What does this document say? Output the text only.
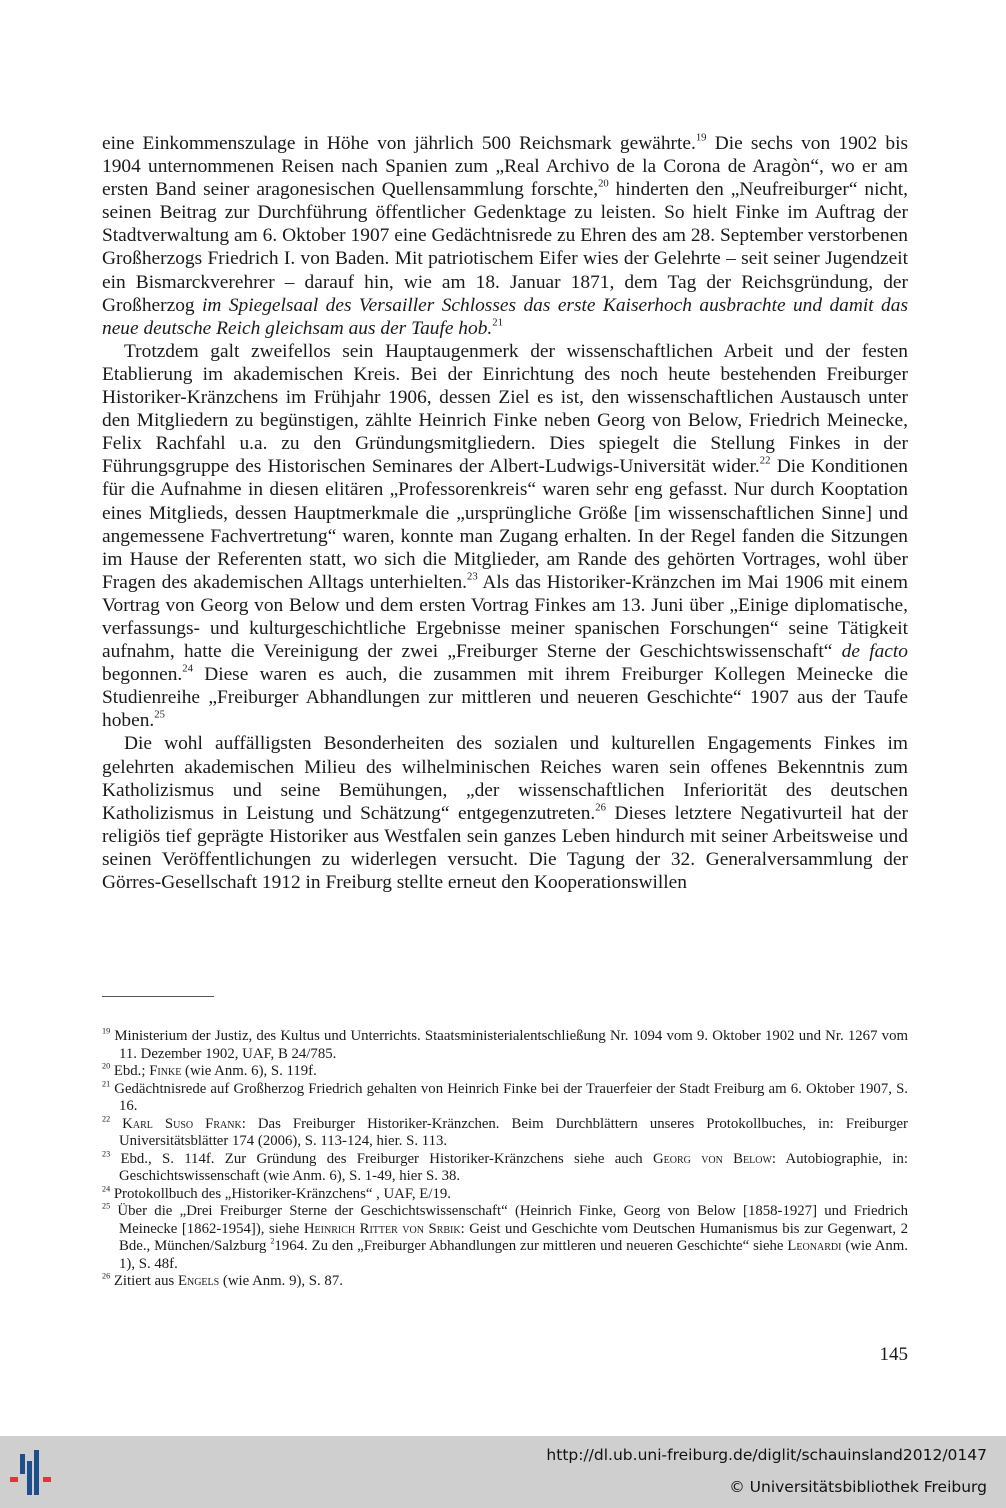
eine Einkommenszulage in Höhe von jährlich 500 Reichsmark gewährte.$^{19}$ Die sechs von 1902 bis 1904 unternommenen Reisen nach Spanien zum „Real Archivo de la Corona de Aragòn“, wo er am ersten Band seiner aragonesischen Quellensammlung forschte,$^{20}$ hinderten den „Neufreiburger“ nicht, seinen Beitrag zur Durchführung öffentlicher Gedenktage zu leisten. So hielt Finke im Auftrag der Stadtverwaltung am 6. Oktober 1907 eine Gedächtnisrede zu Ehren des am 28. September verstorbenen Großherzogs Friedrich I. von Baden. Mit patriotischem Eifer wies der Gelehrte – seit seiner Jugendzeit ein Bismarckverehrer – darauf hin, wie am 18. Januar 1871, dem Tag der Reichsgründung, der Großherzog im Spiegelsaal des Versailler Schlosses das erste Kaiserhoch ausbrachte und damit das neue deutsche Reich gleichsam aus der Taufe hob.$^{21}$

Trotzdem galt zweifellos sein Hauptaugenmerk der wissenschaftlichen Arbeit und der festen Etablierung im akademischen Kreis. Bei der Einrichtung des noch heute bestehenden Freiburger Historiker-Kränzchens im Frühjahr 1906, dessen Ziel es ist, den wissenschaftlichen Austausch unter den Mitgliedern zu begünstigen, zählte Heinrich Finke neben Georg von Below, Friedrich Meinecke, Felix Rachfahl u.a. zu den Gründungsmitgliedern. Dies spiegelt die Stellung Finkes in der Führungsgruppe des Historischen Seminares der Albert-Ludwigs-Universität wider.$^{22}$ Die Konditionen für die Aufnahme in diesen elitären „Professorenkreis“ waren sehr eng gefasst. Nur durch Kooptation eines Mitglieds, dessen Hauptmerkmale die „ursprüngliche Größe [im wissenschaftlichen Sinne] und angemessene Fachvertretung“ waren, konnte man Zugang erhalten. In der Regel fanden die Sitzungen im Hause der Referenten statt, wo sich die Mitglieder, am Rande des gehörten Vortrages, wohl über Fragen des akademischen Alltags unterhielten.$^{23}$ Als das Historiker-Kränzchen im Mai 1906 mit einem Vortrag von Georg von Below und dem ersten Vortrag Finkes am 13. Juni über „Einige diplomatische, verfassungs- und kulturgeschichtliche Ergebnisse meiner spanischen Forschungen“ seine Tätigkeit aufnahm, hatte die Vereinigung der zwei „Freiburger Sterne der Geschichtswissenschaft“ de facto begonnen.$^{24}$ Diese waren es auch, die zusammen mit ihrem Freiburger Kollegen Meinecke die Studienreihe „Freiburger Abhandlungen zur mittleren und neueren Geschichte“ 1907 aus der Taufe hoben.$^{25}$

Die wohl auffälligsten Besonderheiten des sozialen und kulturellen Engagements Finkes im gelehrten akademischen Milieu des wilhelminischen Reiches waren sein offenes Bekenntnis zum Katholizismus und seine Bemühungen, „der wissenschaftlichen Inferiorität des deutschen Katholizismus in Leistung und Schätzung“ entgegenzutreten.$^{26}$ Dieses letztere Negativurteil hat der religiös tief geprägte Historiker aus Westfalen sein ganzes Leben hindurch mit seiner Arbeitsweise und seinen Veröffentlichungen zu widerlegen versucht. Die Tagung der 32. Generalversammlung der Görres-Gesellschaft 1912 in Freiburg stellte erneut den Kooperationswillen

$^{19}$ Ministerium der Justiz, des Kultus und Unterrichts. Staatsministerialentschließung Nr. 1094 vom 9. Oktober 1902 und Nr. 1267 vom 11. Dezember 1902, UAF, B 24/785.

$^{20}$ Ebd.; Finke (wie Anm. 6), S. 119f.

$^{21}$ Gedächtnisrede auf Großherzog Friedrich gehalten von Heinrich Finke bei der Trauerfeier der Stadt Freiburg am 6. Oktober 1907, S. 16.

$^{22}$ Karl Suso Frank: Das Freiburger Historiker-Kränzchen. Beim Durchblättern unseres Protokollbuches, in: Freiburger Universitätsblätter 174 (2006), S. 113-124, hier. S. 113.

$^{23}$ Ebd., S. 114f. Zur Gründung des Freiburger Historiker-Kränzchens siehe auch Georg von Below: Autobiographie, in: Geschichtswissenschaft (wie Anm. 6), S. 1-49, hier S. 38.

$^{24}$ Protokollbuch des „Historiker-Kränzchens“ , UAF, E/19.

$^{25}$ Über die „Drei Freiburger Sterne der Geschichtswissenschaft“ (Heinrich Finke, Georg von Below [1858-1927] und Friedrich Meinecke [1862-1954]), siehe Heinrich Ritter von Srbik: Geist und Geschichte vom Deutschen Humanismus bis zur Gegenwart, 2 Bde., München/Salzburg $^2$1964. Zu den „Freiburger Abhandlungen zur mittleren und neueren Geschichte“ siehe Leonardi (wie Anm. 1), S. 48f.

$^{26}$ Zitiert aus Engels (wie Anm. 9), S. 87.

145
http://dl.ub.uni-freiburg.de/diglit/schauinsland2012/0147
© Universitätsbibliothek Freiburg
